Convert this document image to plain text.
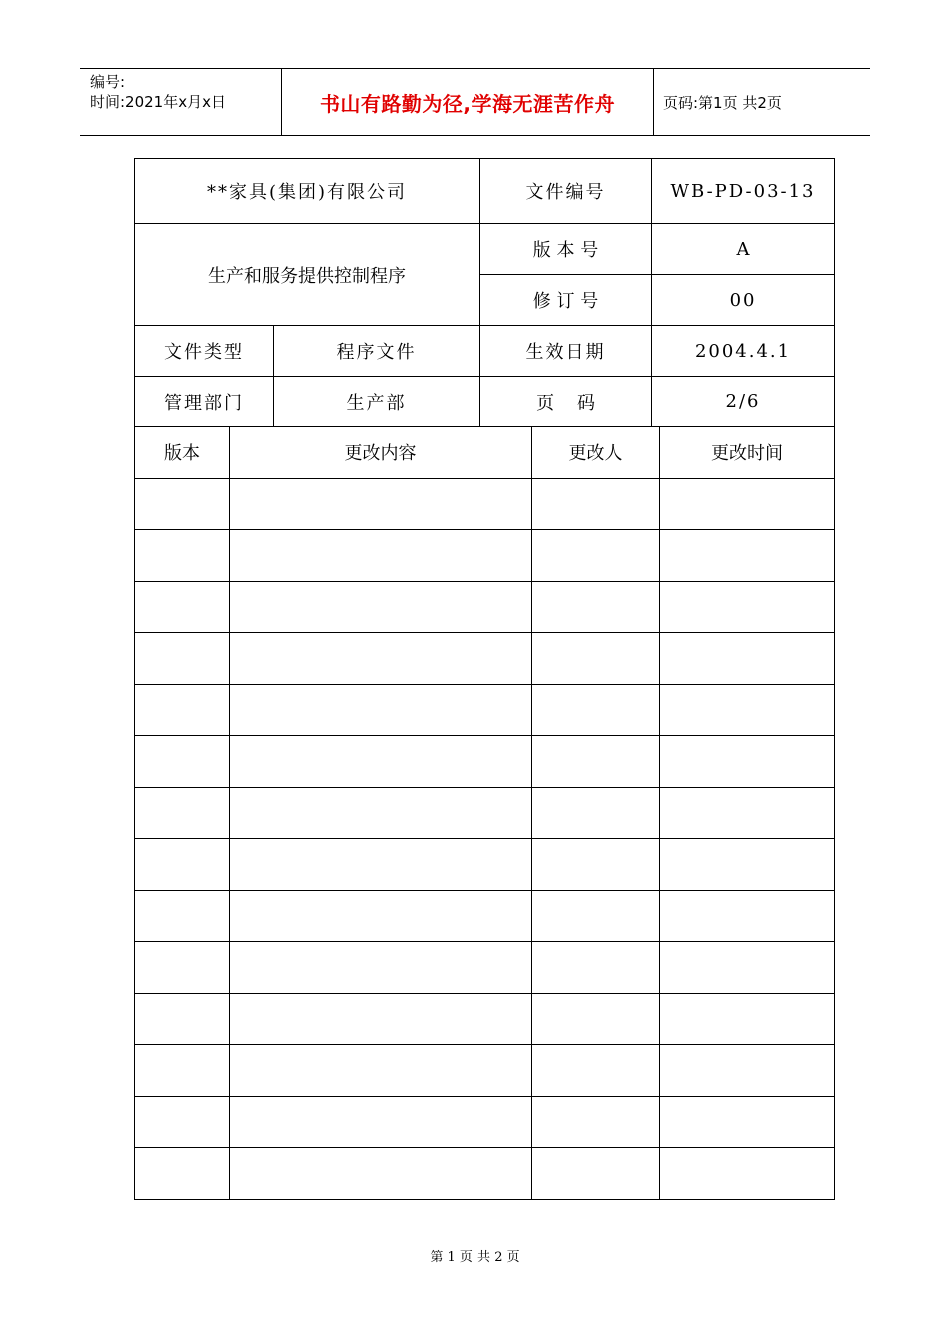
编号:
时间:2021年x月x日	书山有路勤为径,学海无涯苦作舟	页码:第1页 共2页
**家具(集团)有限公司		文件编号	WB-PD-03-13
生产和服务提供控制程序		版 本 号	A
		修 订 号	00
文件类型	程序文件	生效日期	2004.4.1
管理部门	生产部	页    码	2/6
版本	更改内容	更改人	更改时间

第 1 页 共 2 页
